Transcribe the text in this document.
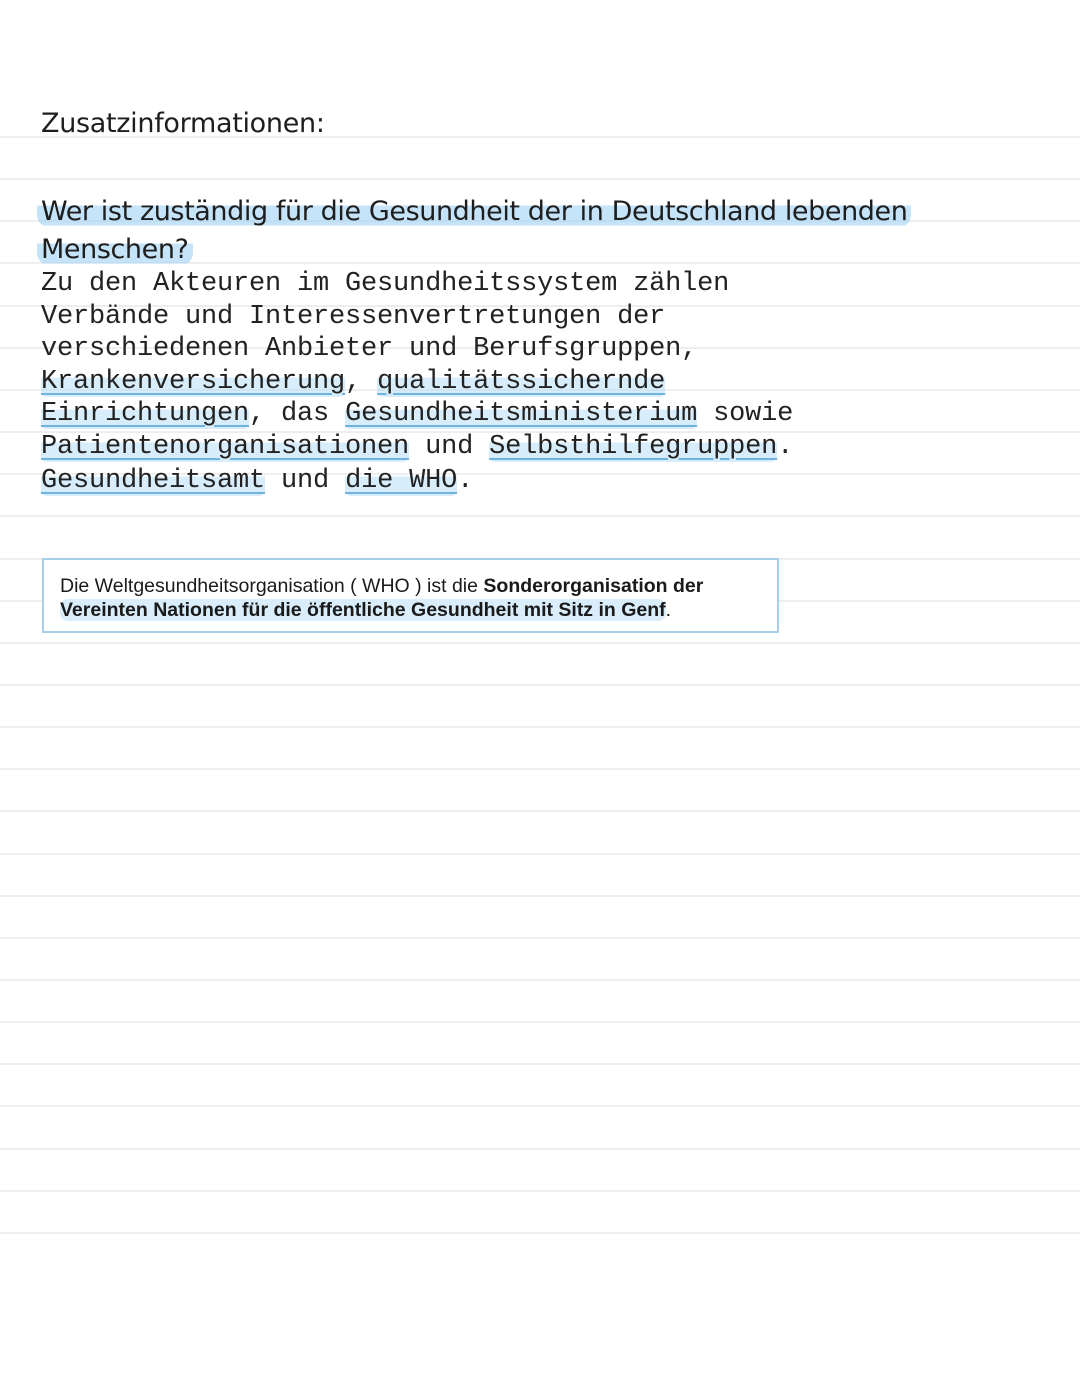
Zusatzinformationen:
Wer ist zuständig für die Gesundheit der in Deutschland lebenden Menschen?
Zu den Akteuren im Gesundheitssystem zählen
Verbände und Interessenvertretungen der
verschiedenen Anbieter und Berufsgruppen,
Krankenversicherung, qualitätssichernde
Einrichtungen, das Gesundheitsministerium sowie
Patientenorganisationen und Selbsthilfegruppen.
Gesundheitsamt und die WHO.
Die Weltgesundheitsorganisation ( WHO ) ist die Sonderorganisation der
Vereinten Nationen für die öffentliche Gesundheit mit Sitz in Genf.
